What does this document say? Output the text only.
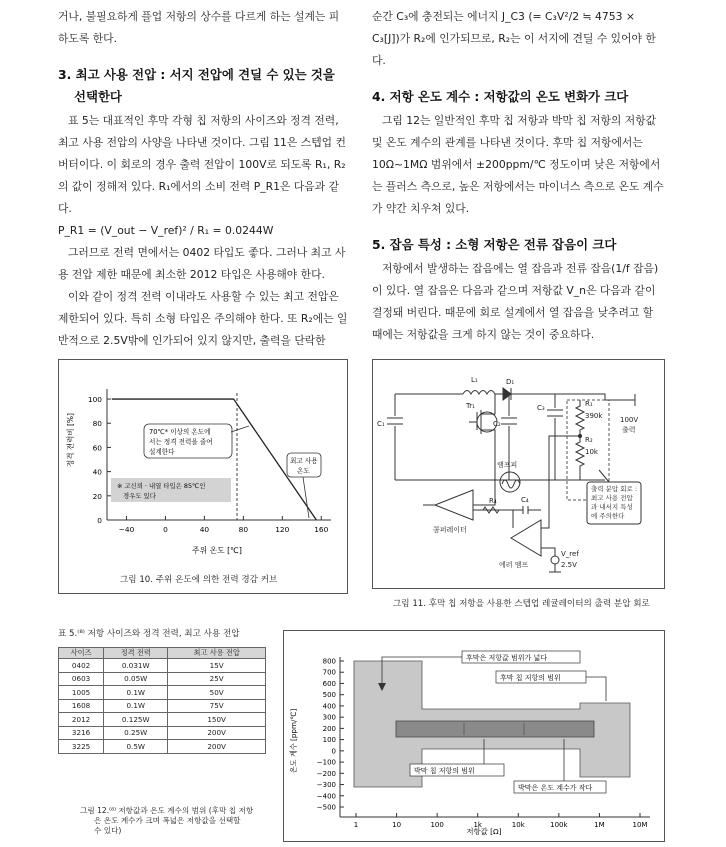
거나, 불필요하게 플업 저항의 상수를 다르게 하는 설계는 피하도록 한다.

3. 최고 사용 전압 : 서지 전압에 견딜 수 있는 것을
선택한다

표 5는 대표적인 후막 각형 칩 저항의 사이즈와 정격 전력, 최고 사용 전압의 사양을 나타낸 것이다. 그림 11은 스텝업 컨버터이다. 이 회로의 경우 출력 전압이 100V로 되도록 R₁, R₂의 값이 정해져 있다. R₁에서의 소비 전력 P_R1은 다음과 같다.

P_R1 = (V_out − V_ref)² / R₁ = 0.0244W

그러므로 전력 면에서는 0402 타입도 좋다. 그러나 최고 사용 전압 제한 때문에 최소한 2012 타입은 사용해야 한다.

이와 같이 정격 전력 이내라도 사용할 수 있는 최고 전압은 제한되어 있다. 특히 소형 타입은 주의해야 한다. 또 R₂에는 일반적으로 2.5V밖에 인가되어 있지 않지만, 출력을 단락한

순간 C₃에 충전되는 에너지 J_C3 (= C₃V²/2 ≒ 4753 × C₃[J])가 R₂에 인가되므로, R₂는 이 서지에 견딜 수 있어야 한다.

4. 저항 온도 계수 : 저항값의 온도 변화가 크다

그림 12는 일반적인 후막 칩 저항과 박막 칩 저항의 저항값 및 온도 계수의 관계를 나타낸 것이다. 후막 칩 저항에서는 10Ω~1MΩ 범위에서 ±200ppm/℃ 정도이며 낮은 저항에서는 플러스 측으로, 높은 저항에서는 마이너스 측으로 온도 계수가 약간 치우쳐 있다.

5. 잡음 특성 : 소형 저항은 전류 잡음이 크다

저항에서 발생하는 잡음에는 열 잡음과 전류 잡음(1/f 잡음)이 있다. 열 잡음은 다음과 같으며 저항값 V_n은 다음과 같이 결정돼 버린다. 때문에 회로 설계에서 열 잡음을 낮추려고 할 때에는 저항값을 크게 하지 않는 것이 중요하다.

100
80
60
40
20
0
−40	0	40	80	120	160
정격 전력비 [%]
주위 온도 [℃]
70℃* 이상의 온도에
서는 정격 전력을 줄여
설계한다
최고 사용
온도
※ 고신뢰 · 내열 타입은 85℃인
경우도 있다
그림 10. 주위 온도에 의한 전력 경감 커브
L₁	D₁
Tr₁
C₁	C₂
C₃	R₁
390k
R₂
10k
100V
출력
램프피
R₄	C₄
콤퍼레이터
에러 앰프
V_ref
2.5V
출력 분압 회로 :
최고 사용 전압
과 내서지 특성
에 주의한다
그림 11. 후막 칩 저항을 사용한 스텝업 레귤레이터의 출력 분압 회로
표 5.⁽⁸⁾ 저항 사이즈와 정격 전력, 최고 사용 전압
사이즈	정격 전력	최고 사용 전압
0402	0.031W	15V
0603	0.05W	25V
1005	0.1W	50V
1608	0.1W	75V
2012	0.125W	150V
3216	0.25W	200V
3225	0.5W	200V
그림 12.⁽⁸⁾ 저항값과 온도 계수의 범위 (후막 칩 저항
은 온도 계수가 크며 폭넓은 저항값을 선택할
수 있다)
800
700
600
500
400
300
200
100
0
−100
−200
−300
−400
−500
1	10	100	1k	10k	100k	1M	10M
온도 계수 [ppm/℃]
저항값 [Ω]
후막은 저항값 범위가 넓다
후막 칩 저항의 범위
박막 칩 저항의 범위
박막은 온도 계수가 작다
